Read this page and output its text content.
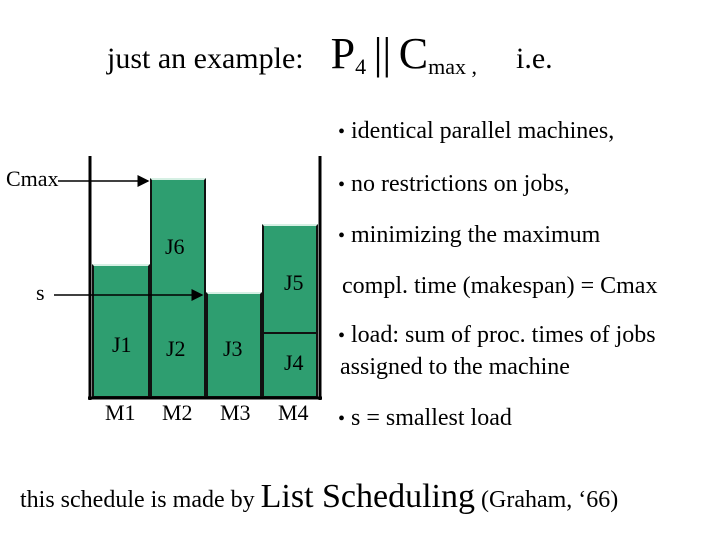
just an example: $P_4$ || $C_{max ,}$ i.e.
• identical parallel machines,
• no restrictions on jobs,
• minimizing the maximum
compl. time (makespan) = Cmax
• load: sum of proc. times of jobs
assigned to the machine
• s = smallest load
J1 J2 J3
J4
J5
J6
Cmax
s
M1 M2 M3 M4
this schedule is made by List Scheduling (Graham, ‘66)
